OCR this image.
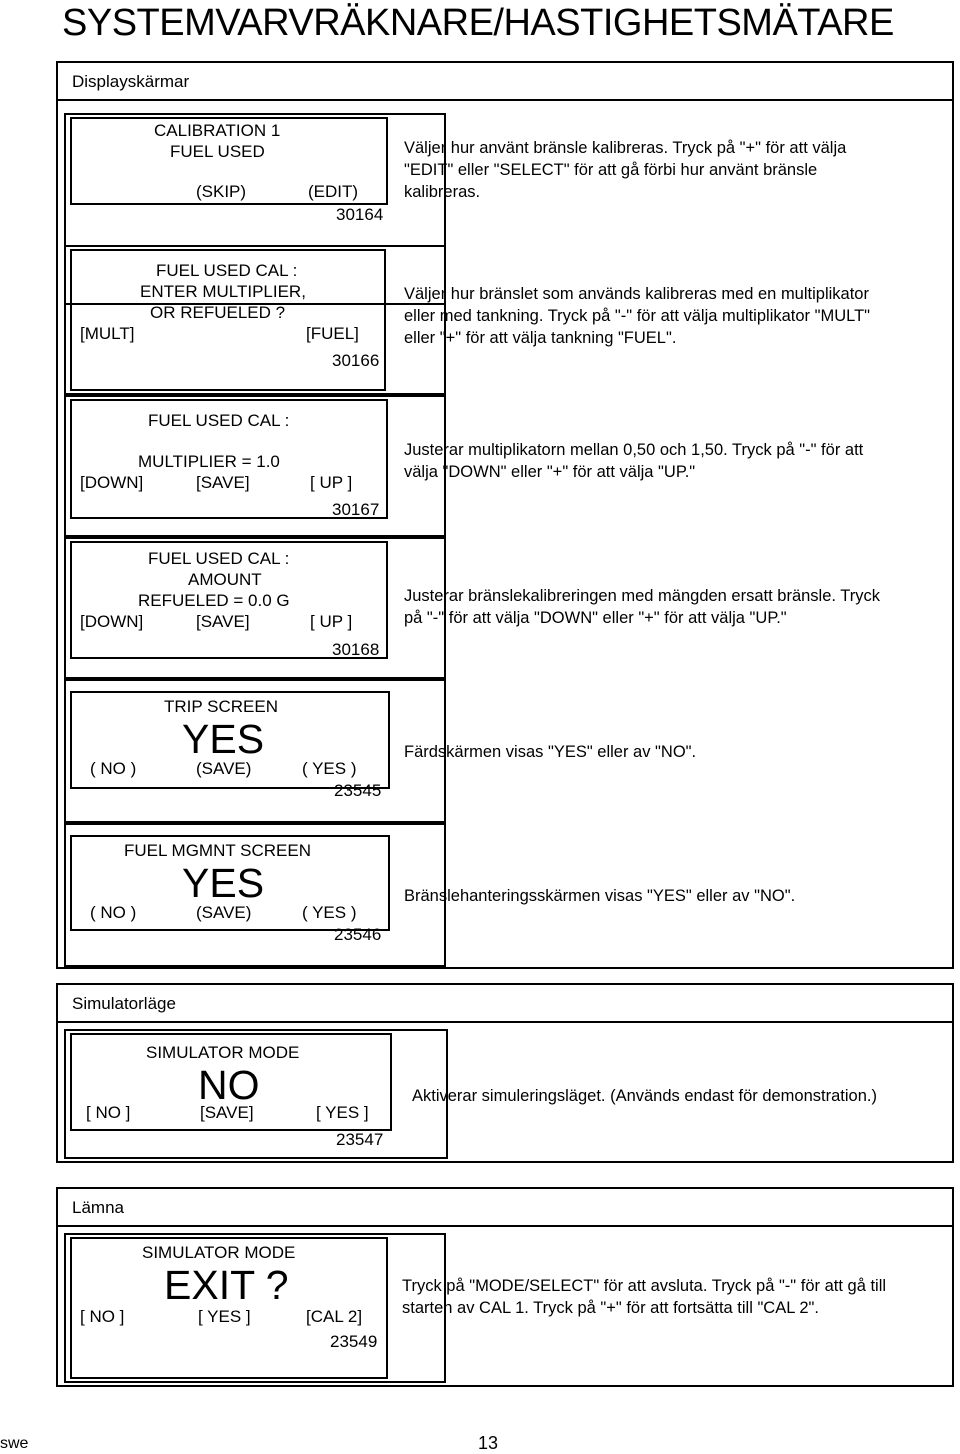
SYSTEMVARVRÄKNARE/HASTIGHETSMÄTARE
Displayskärmar
CALIBRATION 1
FUEL USED
(SKIP)	(EDIT)
30164
Väljer hur använt bränsle kalibreras. Tryck på "+" för att välja
"EDIT" eller "SELECT" för att gå förbi hur använt bränsle
kalibreras.
FUEL USED CAL :
ENTER MULTIPLIER,
OR REFUELED ?
[MULT]	[FUEL]
30166
Väljer hur bränslet som används kalibreras med en multiplikator
eller med tankning. Tryck på "-" för att välja multiplikator "MULT"
eller "+" för att välja tankning "FUEL".
FUEL USED CAL :
MULTIPLIER = 1.0
[DOWN]	[SAVE]	[ UP ]
30167
Justerar multiplikatorn mellan 0,50 och 1,50. Tryck på "-" för att
välja "DOWN" eller "+" för att välja "UP."
FUEL USED CAL :
AMOUNT
REFUELED = 0.0 G
[DOWN]	[SAVE]	[ UP ]
30168
Justerar bränslekalibreringen med mängden ersatt bränsle. Tryck
på "-" för att välja "DOWN" eller "+" för att välja "UP."
TRIP SCREEN
YES
( NO )	(SAVE)	( YES )
23545
Färdskärmen visas "YES" eller av "NO".
FUEL MGMNT SCREEN
YES
( NO )	(SAVE)	( YES )
23546
Bränslehanteringsskärmen visas "YES" eller av "NO".
Simulatorläge
SIMULATOR MODE
NO
[ NO ]	[SAVE]	[ YES ]
23547
Aktiverar simuleringsläget. (Används endast för demonstration.)
Lämna
SIMULATOR MODE
EXIT ?
[ NO ]	[ YES ]	[CAL 2]
23549
Tryck på "MODE/SELECT" för att avsluta. Tryck på "-" för att gå till
starten av CAL 1. Tryck på "+" för att fortsätta till "CAL 2".
swe	13
